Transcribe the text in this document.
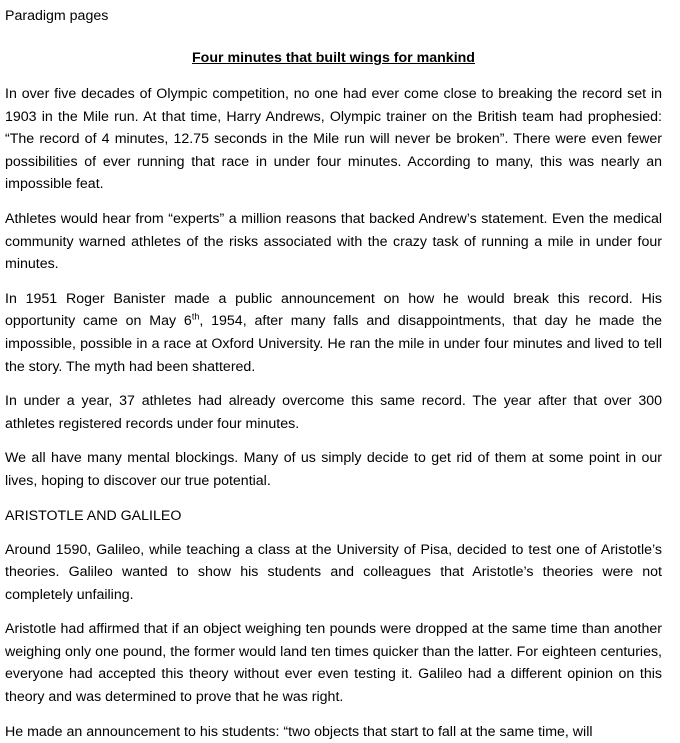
Paradigm pages
Four minutes that built wings for mankind

In over five decades of Olympic competition, no one had ever come close to breaking the record set in 1903 in the Mile run. At that time, Harry Andrews, Olympic trainer on the British team had prophesied: “The record of 4 minutes, 12.75 seconds in the Mile run will never be broken”. There were even fewer possibilities of ever running that race in under four minutes. According to many, this was nearly an impossible feat.

Athletes would hear from “experts” a million reasons that backed Andrew’s statement. Even the medical community warned athletes of the risks associated with the crazy task of running a mile in under four minutes.

In 1951 Roger Banister made a public announcement on how he would break this record. His opportunity came on May 6th, 1954, after many falls and disappointments, that day he made the impossible, possible in a race at Oxford University. He ran the mile in under four minutes and lived to tell the story. The myth had been shattered.

In under a year, 37 athletes had already overcome this same record. The year after that over 300 athletes registered records under four minutes.

We all have many mental blockings. Many of us simply decide to get rid of them at some point in our lives, hoping to discover our true potential.

ARISTOTLE AND GALILEO

Around 1590, Galileo, while teaching a class at the University of Pisa, decided to test one of Aristotle’s theories. Galileo wanted to show his students and colleagues that Aristotle’s theories were not completely unfailing.

Aristotle had affirmed that if an object weighing ten pounds were dropped at the same time than another weighing only one pound, the former would land ten times quicker than the latter. For eighteen centuries, everyone had accepted this theory without ever even testing it. Galileo had a different opinion on this theory and was determined to prove that he was right.

He made an announcement to his students: “two objects that start to fall at the same time, will
